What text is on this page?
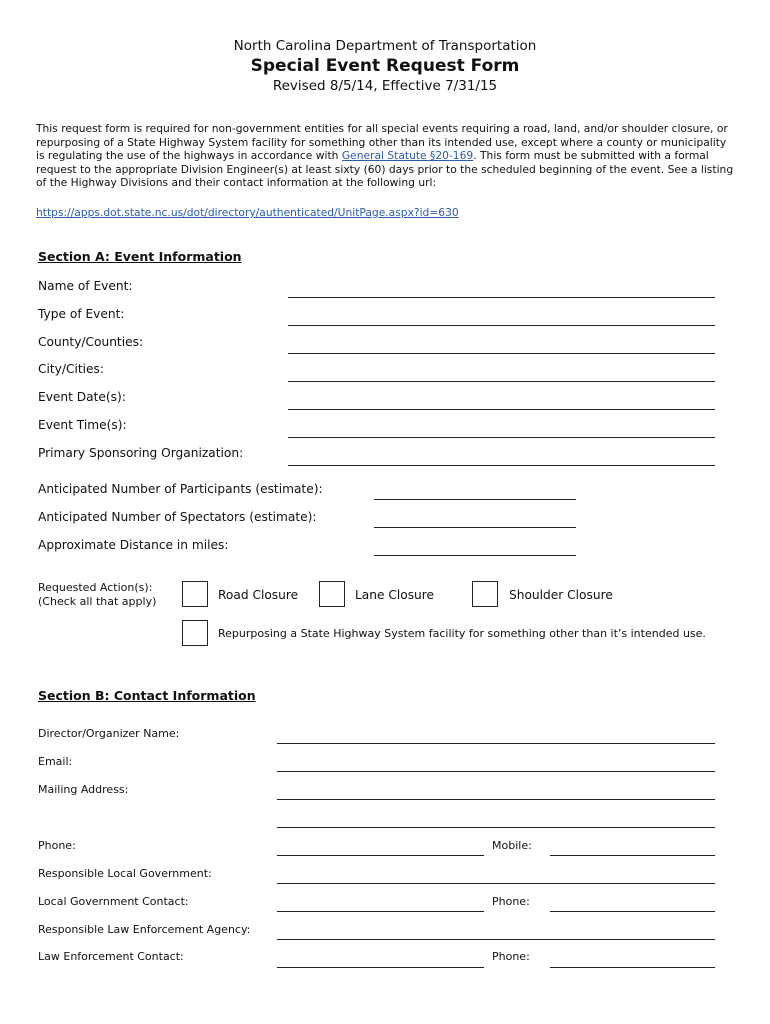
North Carolina Department of Transportation
Special Event Request Form
Revised 8/5/14, Effective 7/31/15
This request form is required for non-government entities for all special events requiring a road, land, and/or shoulder closure, or repurposing of a State Highway System facility for something other than its intended use, except where a county or municipality is regulating the use of the highways in accordance with General Statute §20-169. This form must be submitted with a formal request to the appropriate Division Engineer(s) at least sixty (60) days prior to the scheduled beginning of the event. See a listing of the Highway Divisions and their contact information at the following url:
https://apps.dot.state.nc.us/dot/directory/authenticated/UnitPage.aspx?id=630
Section A: Event Information
Name of Event:
Type of Event:
County/Counties:
City/Cities:
Event Date(s):
Event Time(s):
Primary Sponsoring Organization:
Anticipated Number of Participants (estimate):
Anticipated Number of Spectators (estimate):
Approximate Distance in miles:
Requested Action(s):
(Check all that apply)	Road Closure	Lane Closure	Shoulder Closure
Repurposing a State Highway System facility for something other than it’s intended use.
Section B: Contact Information
Director/Organizer Name:
Email:
Mailing Address:
Phone:	Mobile:
Responsible Local Government:
Local Government Contact:	Phone:
Responsible Law Enforcement Agency:
Law Enforcement Contact:	Phone:
